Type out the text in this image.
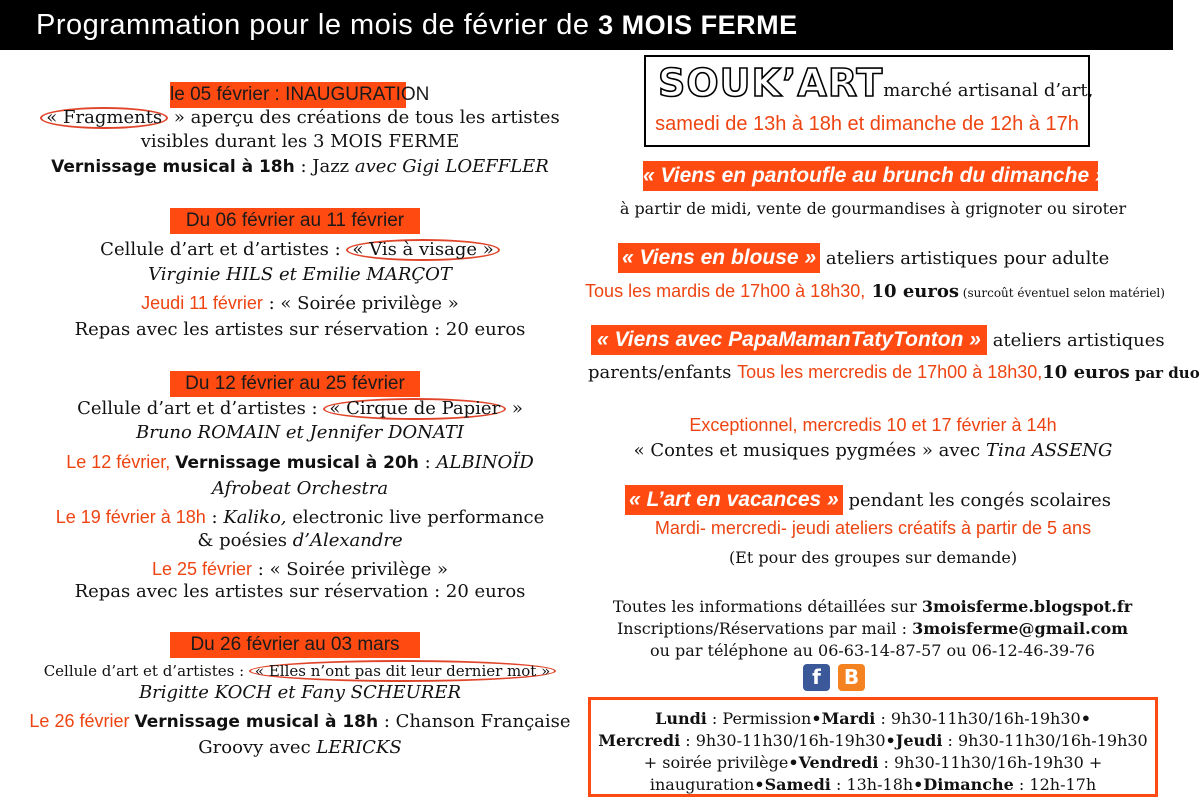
Programmation pour le mois de février de 3 MOIS FERME
le 05 février : INAUGURATION
« Fragments » aperçu des créations de tous les artistes
visibles durant les 3 MOIS FERME
Vernissage musical à 18h : Jazz avec Gigi LOEFFLER
Du 06 février au 11 février
Cellule d’art et d’artistes : « Vis à visage »
Virginie HILS et Emilie MARÇOT
Jeudi 11 février : « Soirée privilège »
Repas avec les artistes sur réservation : 20 euros
Du 12 février au 25 février
Cellule d’art et d’artistes : « Cirque de Papier »
Bruno ROMAIN et Jennifer DONATI
Le 12 février, Vernissage musical à 20h : ALBINOÏD
Afrobeat Orchestra
Le 19 février à 18h : Kaliko, electronic live performance
& poésies d’Alexandre
Le 25 février : « Soirée privilège »
Repas avec les artistes sur réservation : 20 euros
Du 26 février au 03 mars
Cellule d’art et d’artistes : « Elles n’ont pas dit leur dernier mot »
Brigitte KOCH et Fany SCHEURER
Le 26 février Vernissage musical à 18h : Chanson Française
Groovy avec LERICKS
SOUK’ARTmarché artisanal d’art,
samedi de 13h à 18h et dimanche de 12h à 17h
« Viens en pantoufle au brunch du dimanche »
à partir de midi, vente de gourmandises à grignoter ou siroter
« Viens en blouse » ateliers artistiques pour adulte
Tous les mardis de 17h00 à 18h30, 10 euros (surcoût éventuel selon matériel)
« Viens avec PapaMamanTatyTonton » ateliers artistiques
parents/enfants Tous les mercredis de 17h00 à 18h30,10 euros par duo
Exceptionnel, mercredis 10 et 17 février à 14h
« Contes et musiques pygmées » avec Tina ASSENG
« L’art en vacances » pendant les congés scolaires
Mardi- mercredi- jeudi ateliers créatifs à partir de 5 ans
(Et pour des groupes sur demande)
Toutes les informations détaillées sur 3moisferme.blogspot.fr
Inscriptions/Réservations par mail : 3moisferme@gmail.com
ou par téléphone au 06-63-14-87-57 ou 06-12-46-39-76
f	B
Lundi : Permission•Mardi : 9h30-11h30/16h-19h30•
Mercredi : 9h30-11h30/16h-19h30•Jeudi : 9h30-11h30/16h-19h30
+ soirée privilège•Vendredi : 9h30-11h30/16h-19h30 +
inauguration•Samedi : 13h-18h•Dimanche : 12h-17h
